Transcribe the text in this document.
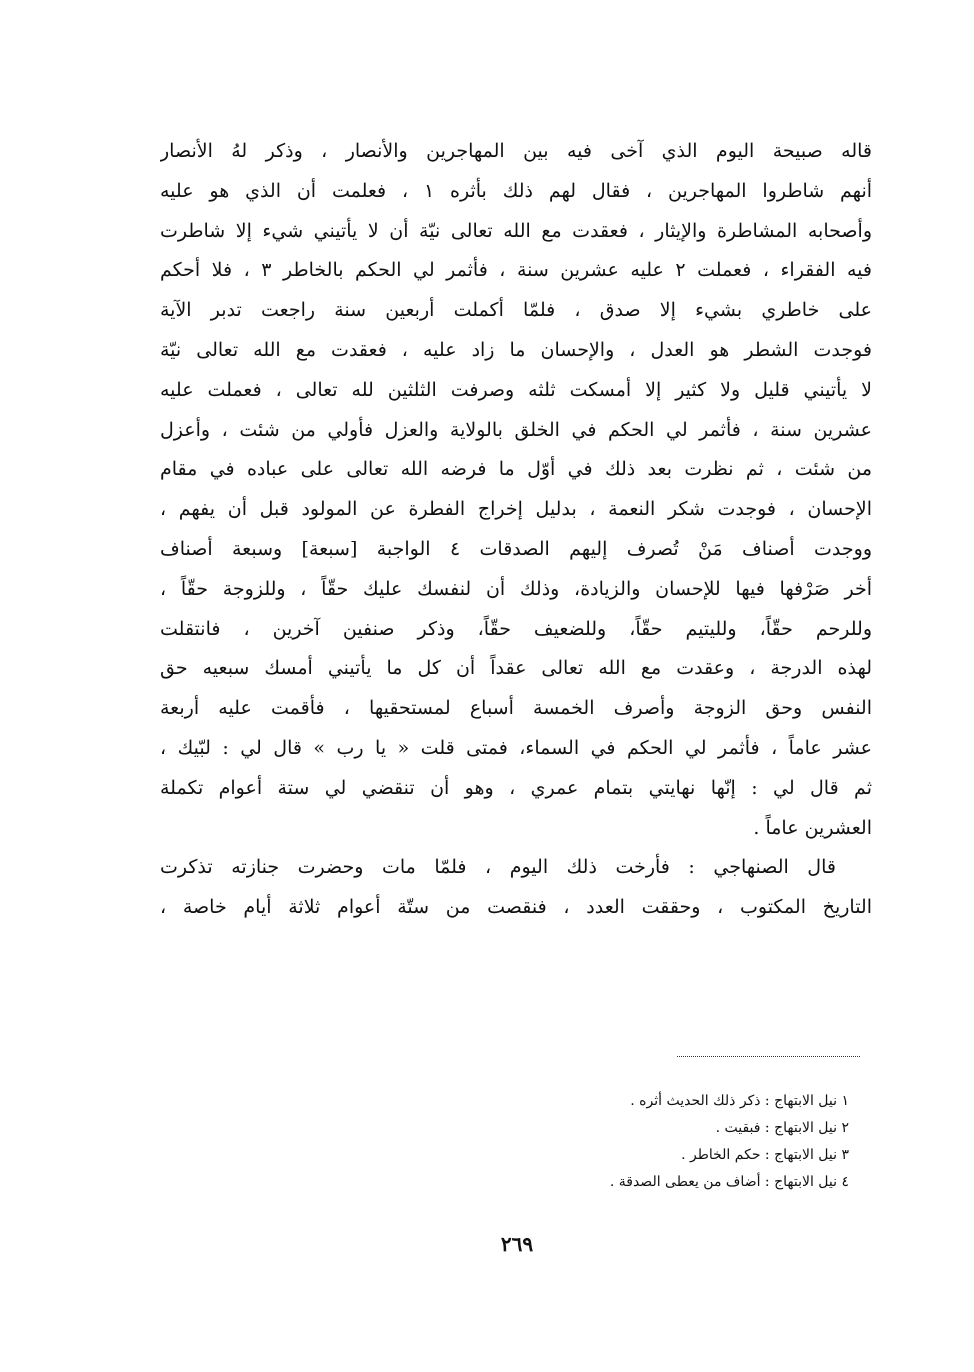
قاله صبيحة اليوم الذي آخى فيه بين المهاجرين والأنصار ، وذكر لهُ الأنصار
أنهم شاطروا المهاجرين ، فقال لهم ذلك بأثره ١ ، فعلمت أن الذي هو عليه
وأصحابه المشاطرة والإيثار ، فعقدت مع الله تعالى نيّة أن لا يأتيني شيء إلا شاطرت
فيه الفقراء ، فعملت ٢ عليه عشرين سنة ، فأثمر لي الحكم بالخاطر ٣ ، فلا أحكم
على خاطري بشيء إلا صدق ، فلمّا أكملت أربعين سنة راجعت تدبر الآية
فوجدت الشطر هو العدل ، والإحسان ما زاد عليه ، فعقدت مع الله تعالى نيّة
لا يأتيني قليل ولا كثير إلا أمسكت ثلثه وصرفت الثلثين لله تعالى ، فعملت عليه
عشرين سنة ، فأثمر لي الحكم في الخلق بالولاية والعزل فأولي من شئت ، وأعزل
من شئت ، ثم نظرت بعد ذلك في أوّل ما فرضه الله تعالى على عباده في مقام
الإحسان ، فوجدت شكر النعمة ، بدليل إخراج الفطرة عن المولود قبل أن يفهم ،
ووجدت أصناف مَنْ تُصرف إليهم الصدقات ٤ الواجبة [سبعة] وسبعة أصناف
أخر صَرْفها فيها للإحسان والزيادة، وذلك أن لنفسك عليك حقّاً ، وللزوجة حقّاً ،
وللرحم حقّاً، ولليتيم حقّاً، وللضعيف حقّاً، وذكر صنفين آخرين ، فانتقلت
لهذه الدرجة ، وعقدت مع الله تعالى عقداً أن كل ما يأتيني أمسك سبعيه حق
النفس وحق الزوجة وأصرف الخمسة أسباع لمستحقيها ، فأقمت عليه أربعة
عشر عاماً ، فأثمر لي الحكم في السماء، فمتى قلت « يا رب » قال لي : لبّيك ،
ثم قال لي : إنّها نهايتي بتمام عمري ، وهو أن تنقضي لي ستة أعوام تكملة
العشرين عاماً .
قال الصنهاجي : فأرخت ذلك اليوم ، فلمّا مات وحضرت جنازته تذكرت
التاريخ المكتوب ، وحققت العدد ، فنقصت من ستّة أعوام ثلاثة أيام خاصة ،
١ نيل الابتهاج : ذكر ذلك الحديث أثره .
٢ نيل الابتهاج : فبقيت .
٣ نيل الابتهاج : حكم الخاطر .
٤ نيل الابتهاج : أضاف من يعطى الصدقة .
٢٦٩
